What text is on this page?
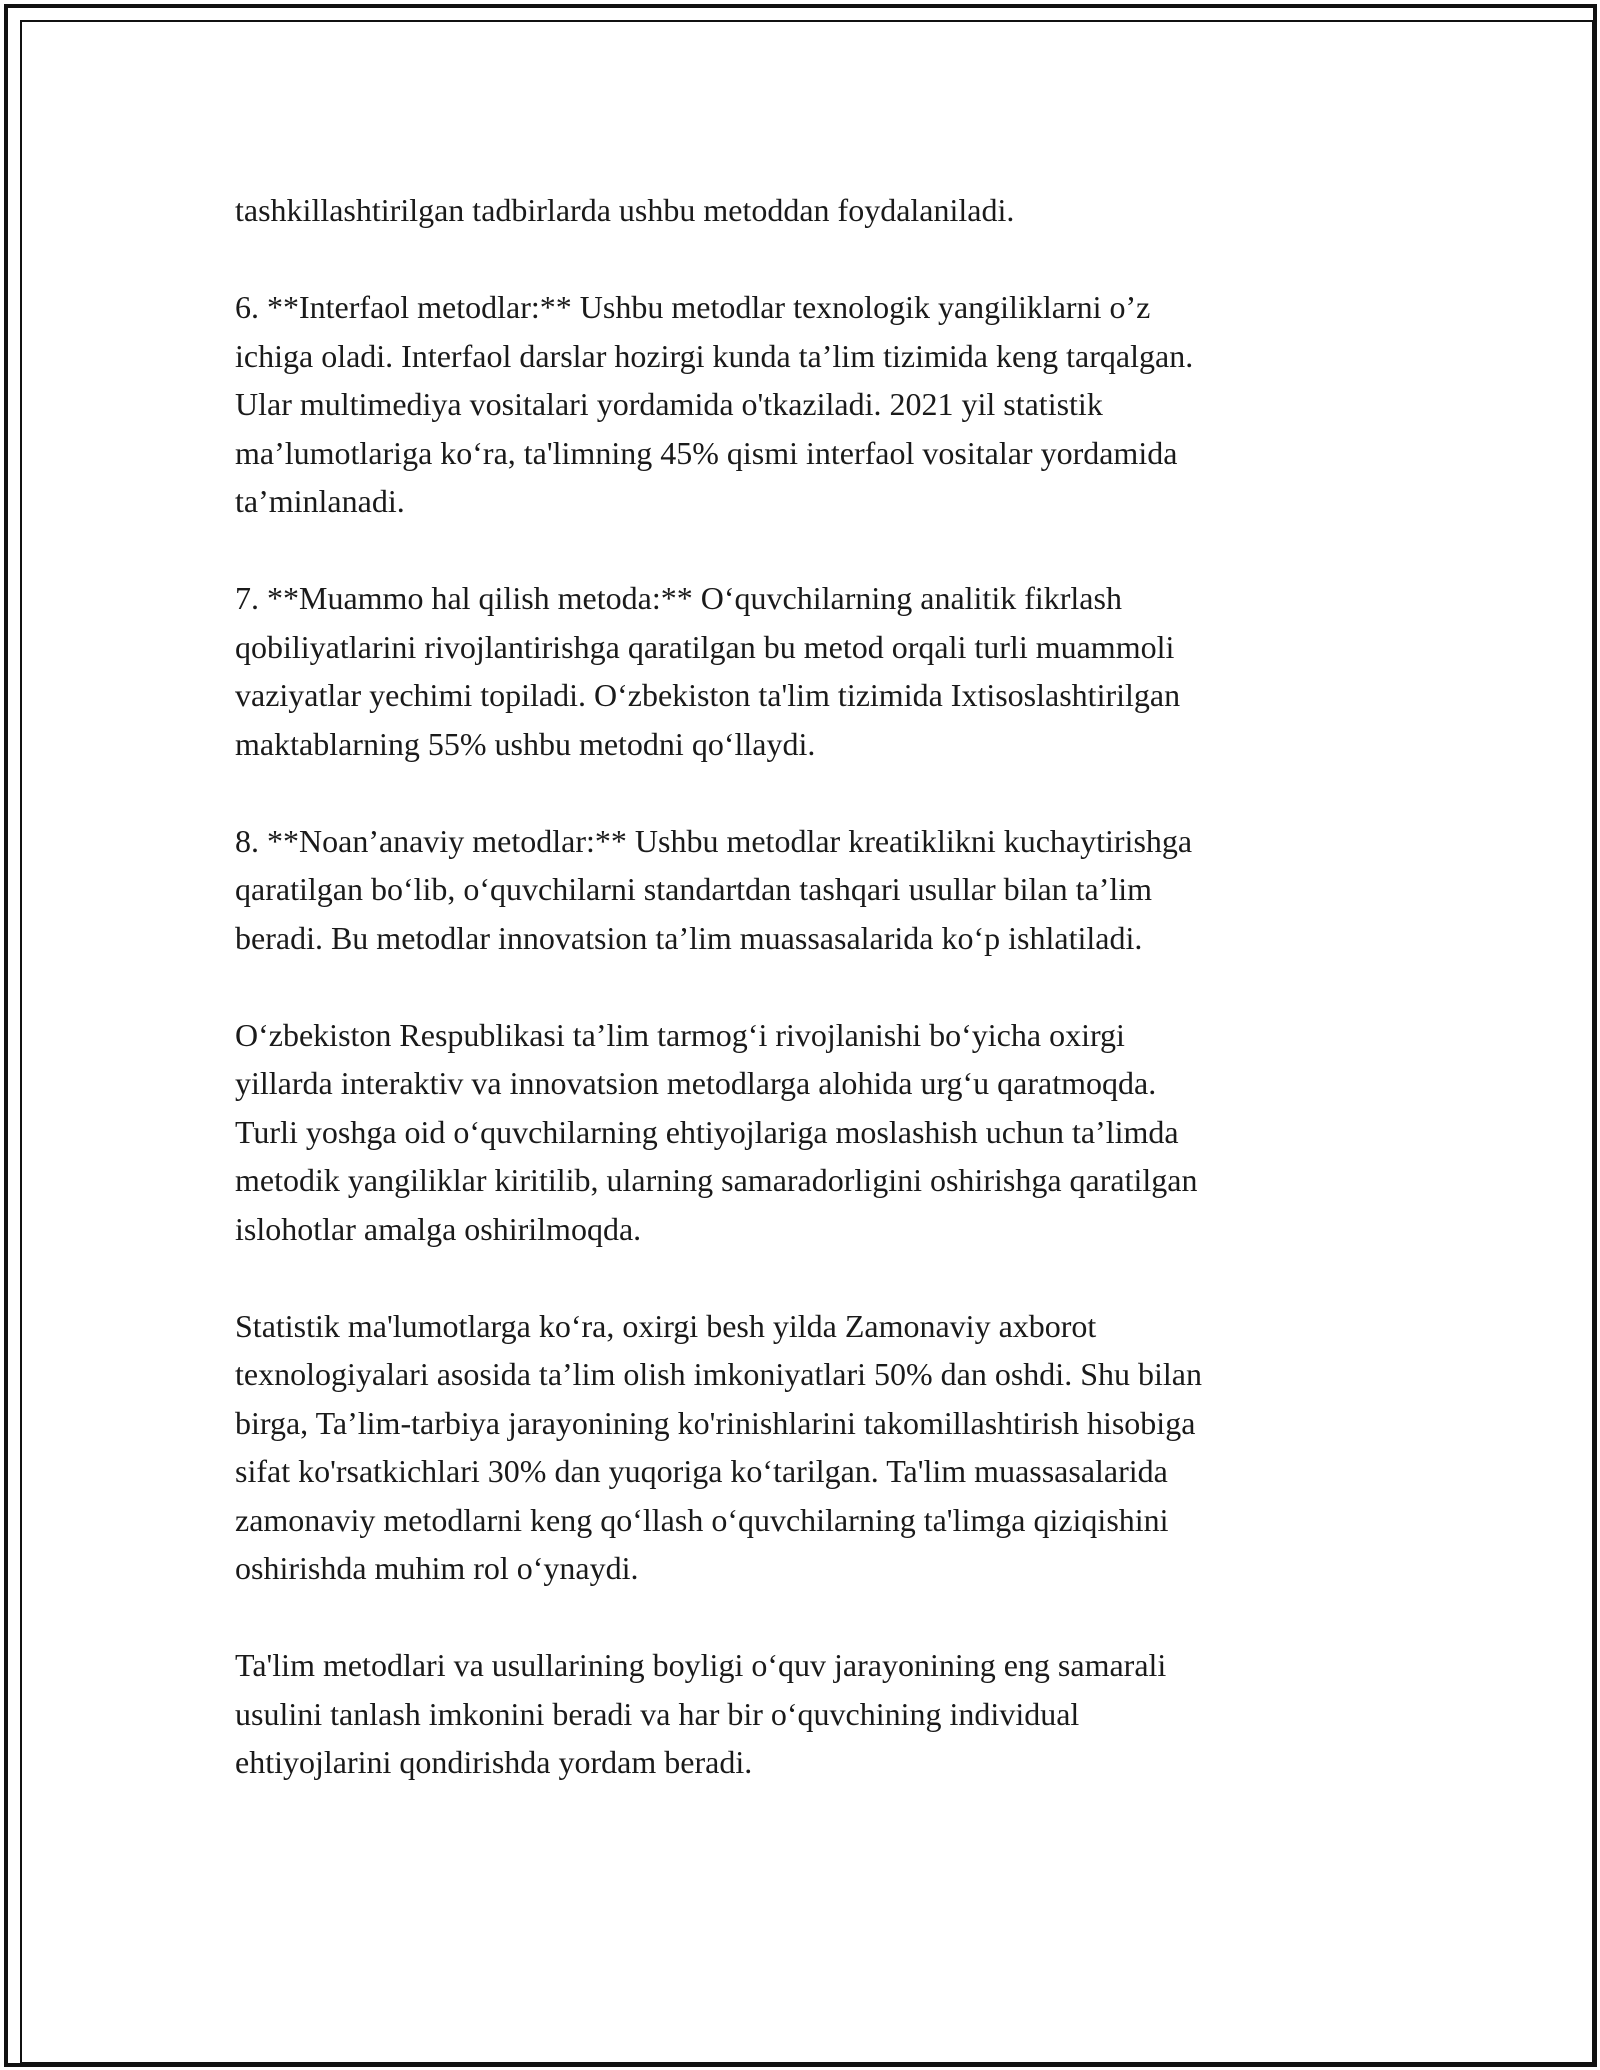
tashkillashtirilgan tadbirlarda ushbu metoddan foydalaniladi.

6. **Interfaol metodlar:** Ushbu metodlar texnologik yangiliklarni o’z
ichiga oladi. Interfaol darslar hozirgi kunda ta’lim tizimida keng tarqalgan.
Ular multimediya vositalari yordamida o'tkaziladi. 2021 yil statistik
ma’lumotlariga ko‘ra, ta'limning 45% qismi interfaol vositalar yordamida
ta’minlanadi.

7. **Muammo hal qilish metoda:** O‘quvchilarning analitik fikrlash
qobiliyatlarini rivojlantirishga qaratilgan bu metod orqali turli muammoli
vaziyatlar yechimi topiladi. O‘zbekiston ta'lim tizimida Ixtisoslashtirilgan
maktablarning 55% ushbu metodni qo‘llaydi.

8. **Noan’anaviy metodlar:** Ushbu metodlar kreatiklikni kuchaytirishga
qaratilgan bo‘lib, o‘quvchilarni standartdan tashqari usullar bilan ta’lim
beradi. Bu metodlar innovatsion ta’lim muassasalarida ko‘p ishlatiladi.

O‘zbekiston Respublikasi ta’lim tarmog‘i rivojlanishi bo‘yicha oxirgi
yillarda interaktiv va innovatsion metodlarga alohida urg‘u qaratmoqda.
Turli yoshga oid o‘quvchilarning ehtiyojlariga moslashish uchun ta’limda
metodik yangiliklar kiritilib, ularning samaradorligini oshirishga qaratilgan
islohotlar amalga oshirilmoqda.

Statistik ma'lumotlarga ko‘ra, oxirgi besh yilda Zamonaviy axborot
texnologiyalari asosida ta’lim olish imkoniyatlari 50% dan oshdi. Shu bilan
birga, Ta’lim-tarbiya jarayonining ko'rinishlarini takomillashtirish hisobiga
sifat ko'rsatkichlari 30% dan yuqoriga ko‘tarilgan. Ta'lim muassasalarida
zamonaviy metodlarni keng qo‘llash o‘quvchilarning ta'limga qiziqishini
oshirishda muhim rol o‘ynaydi.

Ta'lim metodlari va usullarining boyligi o‘quv jarayonining eng samarali
usulini tanlash imkonini beradi va har bir o‘quvchining individual
ehtiyojlarini qondirishda yordam beradi.
